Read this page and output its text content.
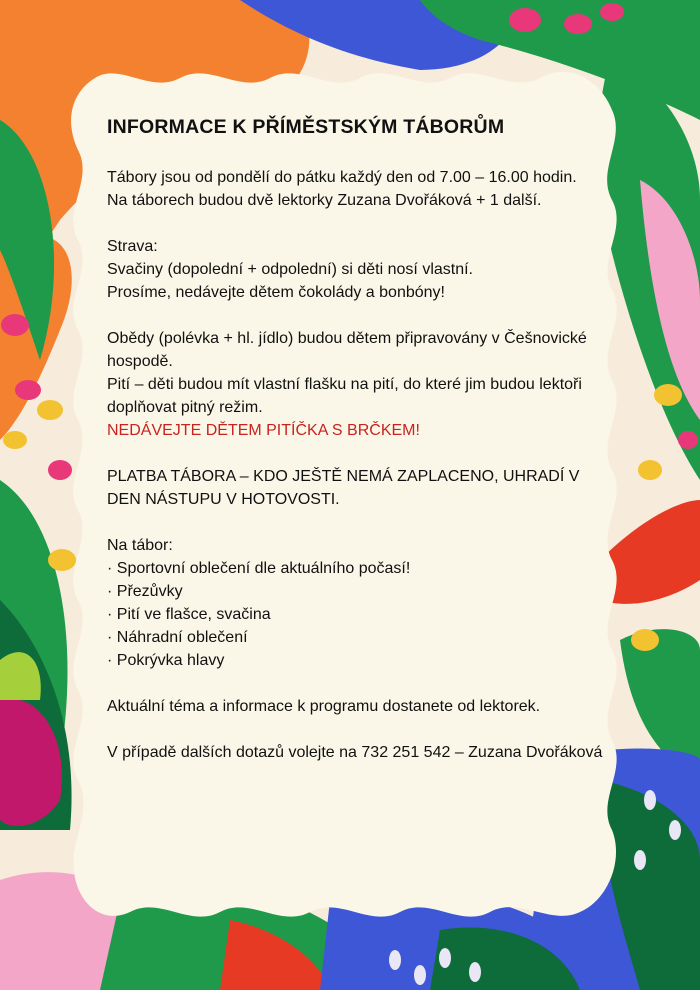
INFORMACE K PŘÍMĚSTSKÝM TÁBORŮM

Tábory jsou od pondělí do pátku každý den od 7.00 – 16.00 hodin.

Na táborech budou dvě lektorky Zuzana Dvořáková + 1 další.

Strava:

Svačiny (dopolední + odpolední) si děti nosí vlastní.

Prosíme, nedávejte dětem čokolády a bonbóny!

Obědy (polévka + hl. jídlo) budou dětem připravovány v Češnovické hospodě.

Pití – děti budou mít vlastní flašku na pití, do které jim budou lektoři doplňovat pitný režim.

NEDÁVEJTE DĚTEM PITÍČKA S BRČKEM!

PLATBA TÁBORA – KDO JEŠTĚ NEMÁ ZAPLACENO, UHRADÍ V DEN NÁSTUPU V HOTOVOSTI.

Na tábor:

· Sportovní oblečení dle aktuálního počasí!
· Přezůvky
· Pití ve flašce, svačina
· Náhradní oblečení
· Pokrývka hlavy

Aktuální téma a informace k programu dostanete od lektorek.

V případě dalších dotazů volejte na 732 251 542 – Zuzana Dvořáková
